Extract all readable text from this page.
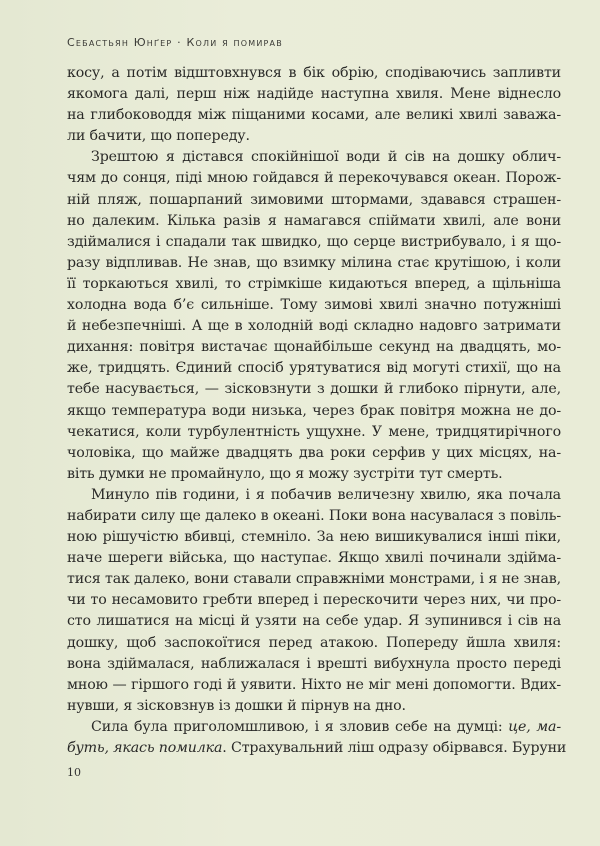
Себастьян Юнґер · Коли я помирав
косу, а потім відштовхнувся в бік обрію, сподіваючись запливти
якомога далі, перш ніж надійде наступна хвиля. Мене віднесло
на глибоководдя між піщаними косами, але великі хвилі заважа-
ли бачити, що попереду.
Зрештою я дістався спокійнішої води й сів на дошку облич-
чям до сонця, піді мною гойдався й перекочувався океан. Порож-
ній пляж, пошарпаний зимовими штормами, здавався страшен-
но далеким. Кілька разів я намагався спіймати хвилі, але вони
здіймалися і спадали так швидко, що серце вистрибувало, і я що-
разу відпливав. Не знав, що взимку мілина стає крутішою, і коли
її торкаються хвилі, то стрімкіше кидаються вперед, а щільніша
холодна вода б’є сильніше. Тому зимові хвилі значно потужніші
й небезпечніші. А ще в холодній воді складно надовго затримати
дихання: повітря вистачає щонайбільше секунд на двадцять, мо-
же, тридцять. Єдиний спосіб урятуватися від могуті стихії, що на
тебе насувається, — зісковзнути з дошки й глибоко пірнути, але,
якщо температура води низька, через брак повітря можна не до-
чекатися, коли турбулентність ущухне. У мене, тридцятирічного
чоловіка, що майже двадцять два роки серфив у цих місцях, на-
віть думки не промайнуло, що я можу зустріти тут смерть.
Минуло пів години, і я побачив величезну хвилю, яка почала
набирати силу ще далеко в океані. Поки вона насувалася з повіль-
ною рішучістю вбивці, стемніло. За нею вишикувалися інші піки,
наче шереги війська, що наступає. Якщо хвилі починали здійма-
тися так далеко, вони ставали справжніми монстрами, і я не знав,
чи то несамовито гребти вперед і перескочити через них, чи про-
сто лишатися на місці й узяти на себе удар. Я зупинився і сів на
дошку, щоб заспокоїтися перед атакою. Попереду йшла хвиля:
вона здіймалася, наближалася і врешті вибухнула просто переді
мною — гіршого годі й уявити. Ніхто не міг мені допомогти. Вдих-
нувши, я зісковзнув із дошки й пірнув на дно.
Сила була приголомшливою, і я зловив себе на думці: це, ма-
буть, якась помилка. Страхувальний ліш одразу обірвався. Буруни
10
